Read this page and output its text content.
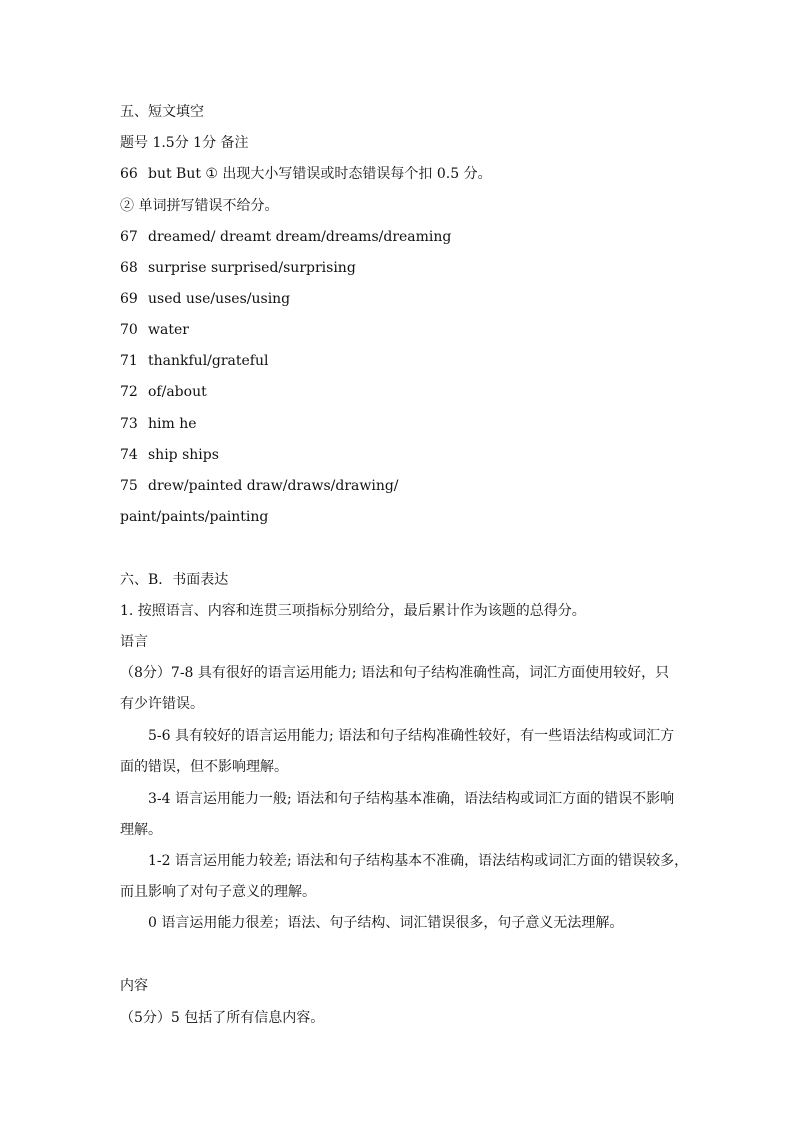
五、短文填空
题号 1.5分 1分 备注
66 but But ① 出现大小写错误或时态错误每个扣 0.5 分。
② 单词拼写错误不给分。
67 dreamed/ dreamt dream/dreams/dreaming
68 surprise surprised/surprising
69 used use/uses/using
70 water
71 thankful/grateful
72 of/about
73 him he
74 ship ships
75 drew/painted draw/draws/drawing/
paint/paints/painting
六、B．书面表达
1. 按照语言、内容和连贯三项指标分别给分，最后累计作为该题的总得分。
语言
（8分）7-8 具有很好的语言运用能力; 语法和句子结构准确性高，词汇方面使用较好，只
有少许错误。
5-6 具有较好的语言运用能力; 语法和句子结构准确性较好，有一些语法结构或词汇方
面的错误，但不影响理解。
3-4 语言运用能力一般; 语法和句子结构基本准确，语法结构或词汇方面的错误不影响
理解。
1-2 语言运用能力较差; 语法和句子结构基本不准确，语法结构或词汇方面的错误较多，
而且影响了对句子意义的理解。
0 语言运用能力很差；语法、句子结构、词汇错误很多，句子意义无法理解。
内容
（5分）5 包括了所有信息内容。
